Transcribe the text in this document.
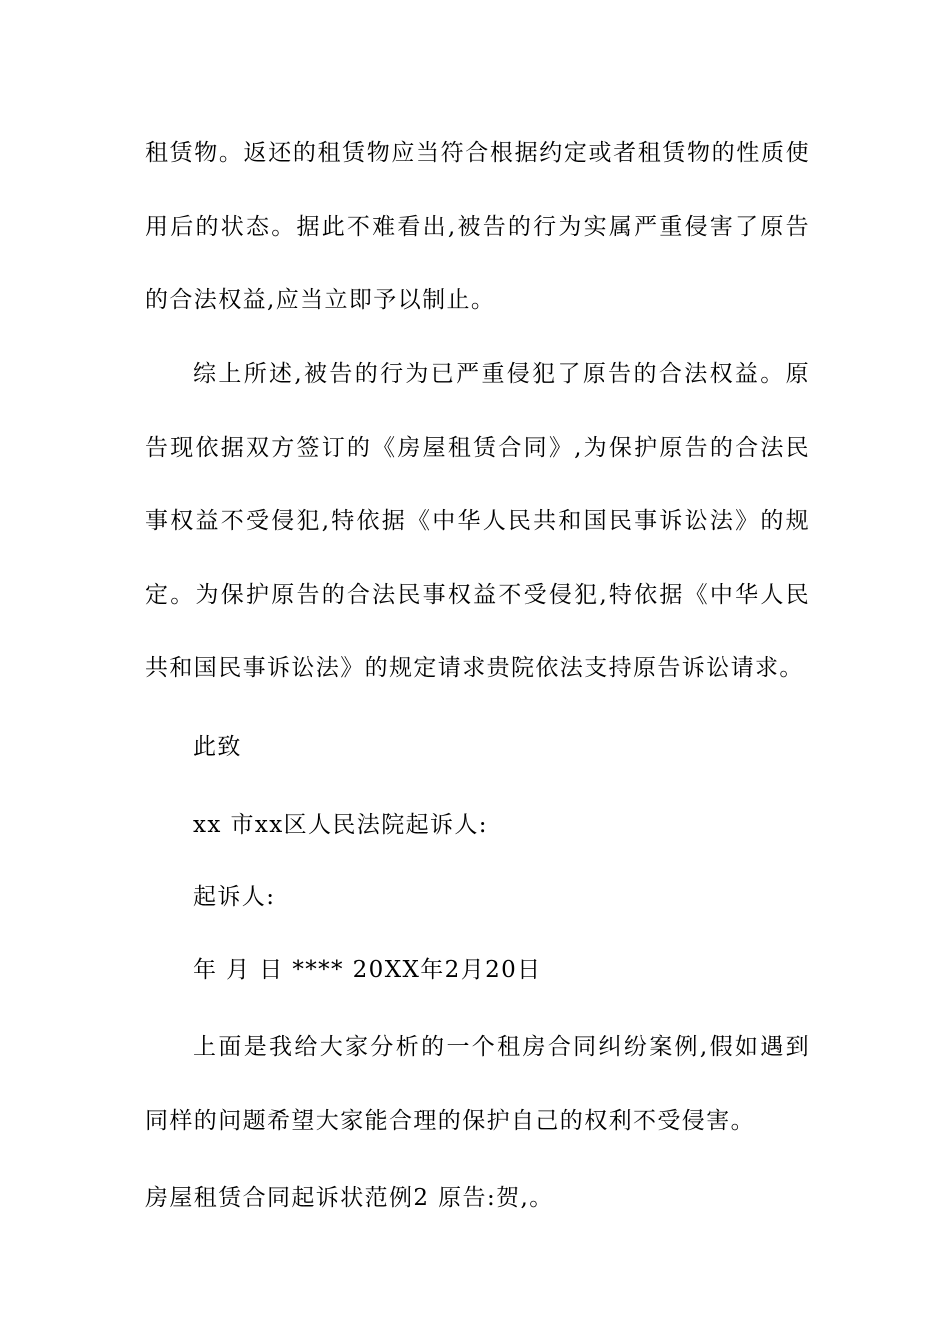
租赁物。返还的租赁物应当符合根据约定或者租赁物的性质使用后的状态。据此不难看出,被告的行为实属严重侵害了原告的合法权益,应当立即予以制止。

综上所述,被告的行为已严重侵犯了原告的合法权益。原告现依据双方签订的《房屋租赁合同》,为保护原告的合法民事权益不受侵犯,特依据《中华人民共和国民事诉讼法》的规定。为保护原告的合法民事权益不受侵犯,特依据《中华人民共和国民事诉讼法》的规定请求贵院依法支持原告诉讼请求。

此致

xx 市xx区人民法院起诉人:

起诉人:

年 月 日 **** 20XX年2月20日

上面是我给大家分析的一个租房合同纠纷案例,假如遇到同样的问题希望大家能合理的保护自己的权利不受侵害。

房屋租赁合同起诉状范例2 原告:贺,。
